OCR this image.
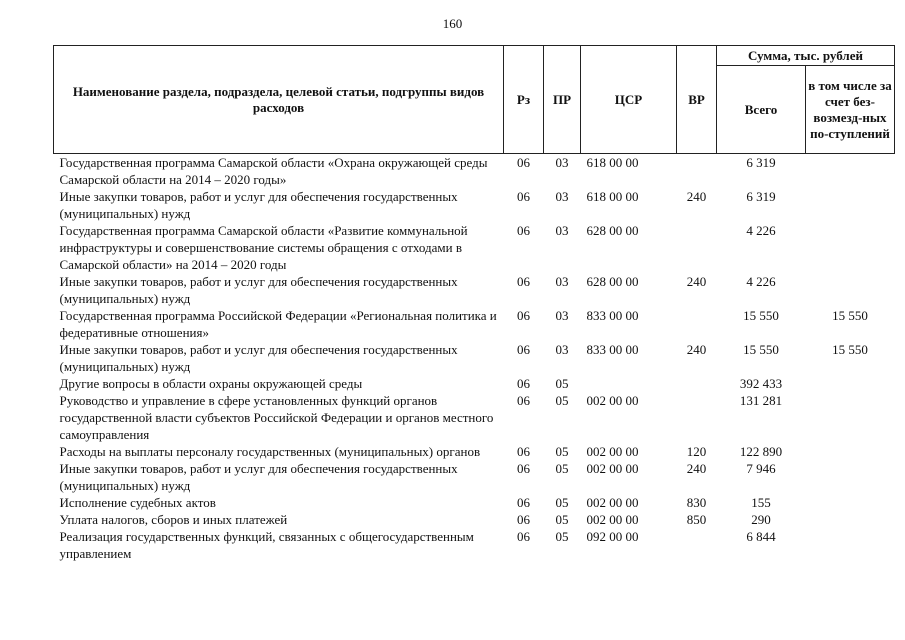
160
Наименование раздела, подраздела, целевой статьи, подгруппы видов расходов	Рз	ПР	ЦСР	ВР	Сумма, тыс. рублей	
					Всего	в том числе за счет без-возмезд-ных по-ступлений
Государственная программа Самарской области «Охрана окружающей среды Самарской области на 2014 – 2020 годы»	06	03	618 00 00		6 319	
Иные закупки товаров, работ и услуг для обеспечения государственных (муниципальных) нужд	06	03	618 00 00	240	6 319	
Государственная программа Самарской области «Развитие коммунальной инфраструктуры и совершенствование системы обращения с отходами в Самарской области» на 2014 – 2020 годы	06	03	628 00 00		4 226	
Иные закупки товаров, работ и услуг для обеспечения государственных (муниципальных) нужд	06	03	628 00 00	240	4 226	
Государственная программа Российской Федерации «Региональная политика и федеративные отношения»	06	03	833 00 00		15 550	15 550
Иные закупки товаров, работ и услуг для обеспечения государственных (муниципальных) нужд	06	03	833 00 00	240	15 550	15 550
Другие вопросы в области охраны окружающей среды	06	05			392 433	
Руководство и управление в сфере установленных функций органов государственной власти субъектов Российской Федерации и органов местного самоуправления	06	05	002 00 00		131 281	
Расходы на выплаты персоналу государственных (муниципальных) органов	06	05	002 00 00	120	122 890	
Иные закупки товаров, работ и услуг для обеспечения государственных (муниципальных) нужд	06	05	002 00 00	240	7 946	
Исполнение судебных актов	06	05	002 00 00	830	155	
Уплата налогов, сборов и иных платежей	06	05	002 00 00	850	290	
Реализация государственных функций, связанных с общегосударственным управлением	06	05	092 00 00		6 844	
